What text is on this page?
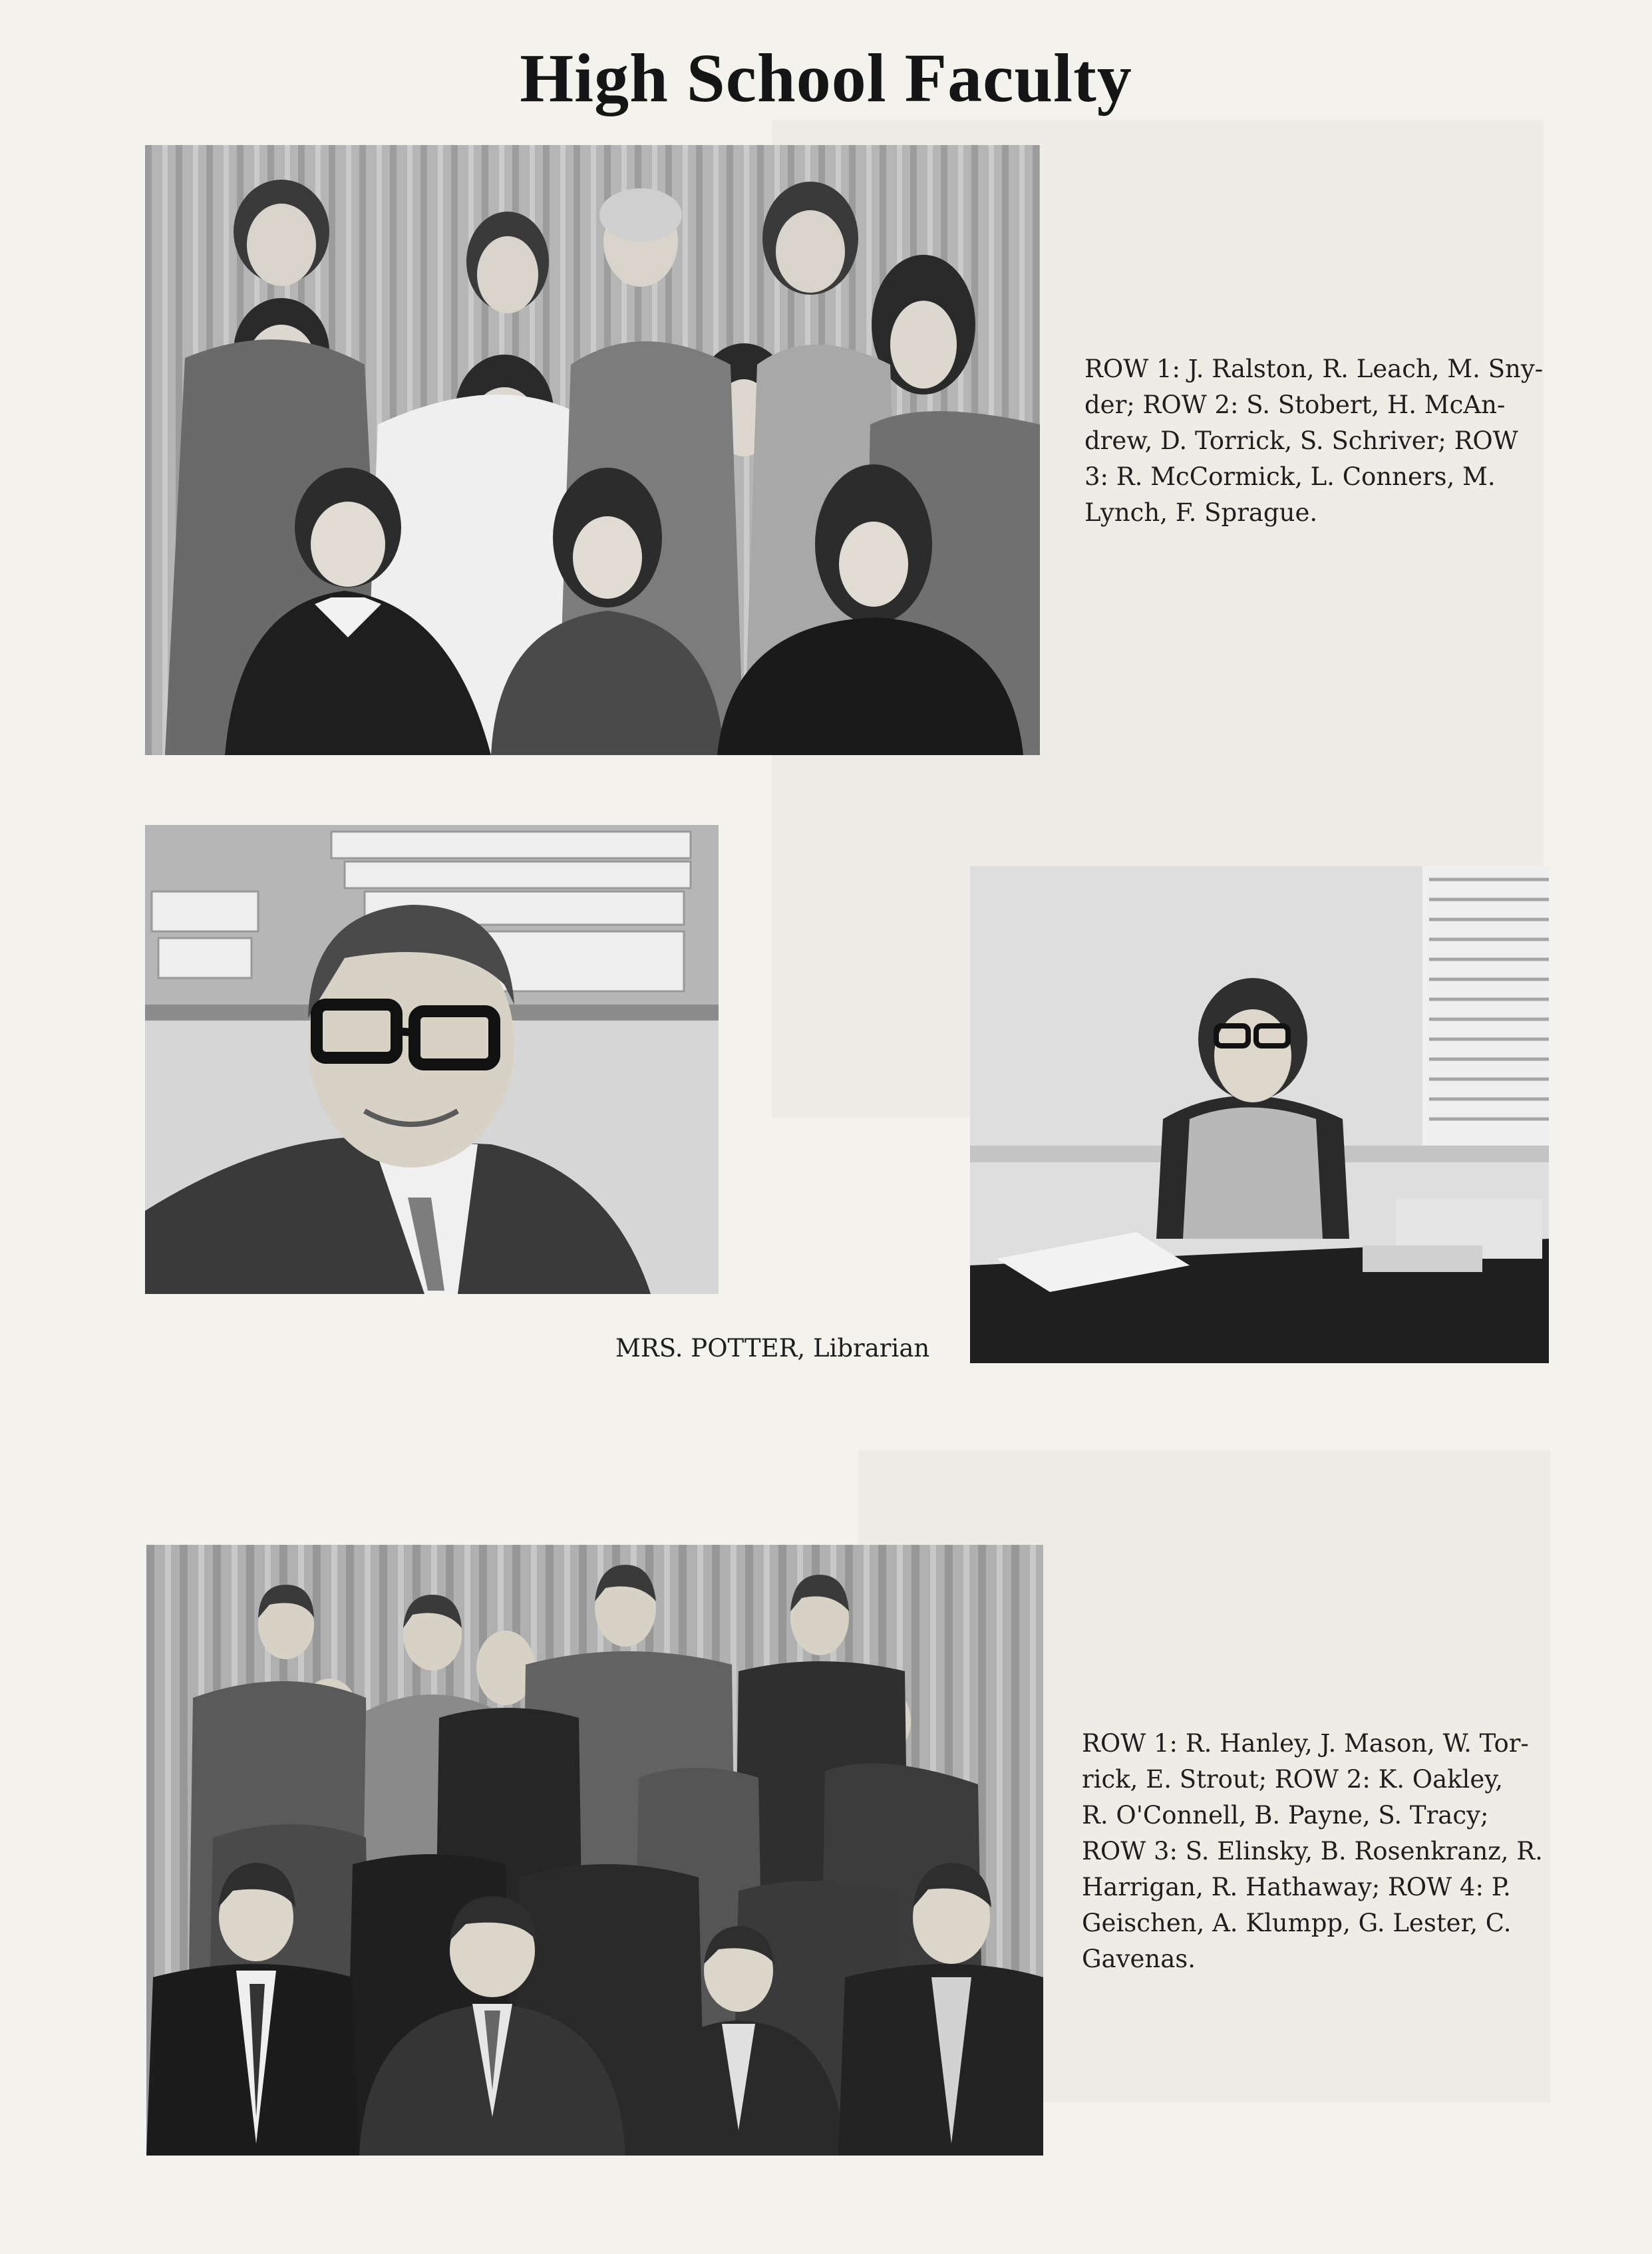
High School Faculty
ROW 1: J. Ralston, R. Leach, M. Sny-
der; ROW 2: S. Stobert, H. McAn-
drew, D. Torrick, S. Schriver; ROW
3: R. McCormick, L. Conners, M.
Lynch, F. Sprague.
MRS. POTTER, Librarian
ROW 1: R. Hanley, J. Mason, W. Tor-
rick, E. Strout; ROW 2: K. Oakley,
R. O'Connell, B. Payne, S. Tracy;
ROW 3: S. Elinsky, B. Rosenkranz, R.
Harrigan, R. Hathaway; ROW 4: P.
Geischen, A. Klumpp, G. Lester, C.
Gavenas.
